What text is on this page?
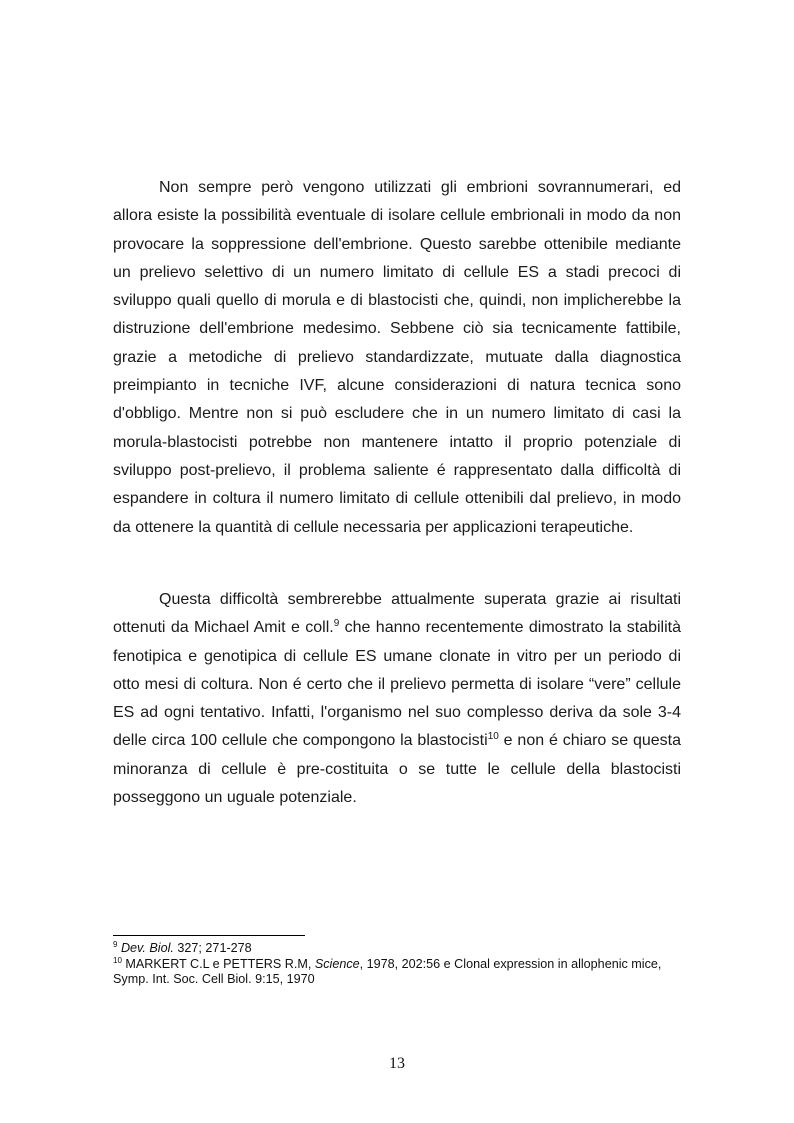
Non sempre però vengono utilizzati gli embrioni sovrannumerari, ed allora esiste la possibilità eventuale di isolare cellule embrionali in modo da non provocare la soppressione dell'embrione. Questo sarebbe ottenibile mediante un prelievo selettivo di un numero limitato di cellule ES a stadi precoci di sviluppo quali quello di morula e di blastocisti che, quindi, non implicherebbe la distruzione dell'embrione medesimo. Sebbene ciò sia tecnicamente fattibile, grazie a metodiche di prelievo standardizzate, mutuate dalla diagnostica preimpianto in tecniche IVF, alcune considerazioni di natura tecnica sono d'obbligo. Mentre non si può escludere che in un numero limitato di casi la morula-blastocisti potrebbe non mantenere intatto il proprio potenziale di sviluppo post-prelievo, il problema saliente é rappresentato dalla difficoltà di espandere in coltura il numero limitato di cellule ottenibili dal prelievo, in modo da ottenere la quantità di cellule necessaria per applicazioni terapeutiche.

Questa difficoltà sembrerebbe attualmente superata grazie ai risultati ottenuti da Michael Amit e coll.$^9$ che hanno recentemente dimostrato la stabilità fenotipica e genotipica di cellule ES umane clonate in vitro per un periodo di otto mesi di coltura. Non é certo che il prelievo permetta di isolare “vere” cellule ES ad ogni tentativo. Infatti, l'organismo nel suo complesso deriva da sole 3-4 delle circa 100 cellule che compongono la blastocisti$^{10}$ e non é chiaro se questa minoranza di cellule è pre-costituita o se tutte le cellule della blastocisti posseggono un uguale potenziale.

$^9$ Dev. Biol. 327; 271-278

$^{10}$ MARKERT C.L e PETTERS R.M, Science, 1978, 202:56 e Clonal expression in allophenic mice, Symp. Int. Soc. Cell Biol. 9:15, 1970

13
